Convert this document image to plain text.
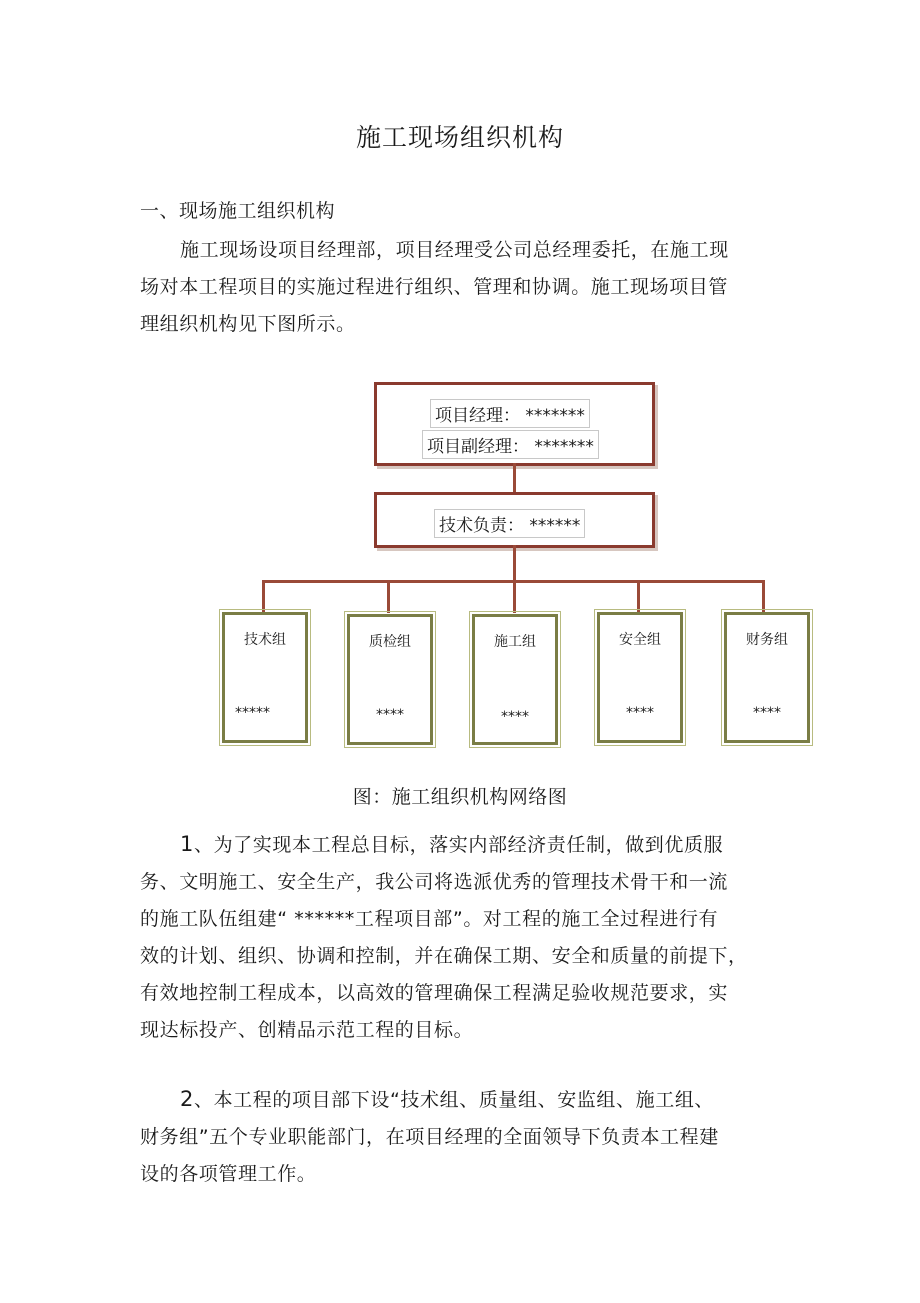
施工现场组织机构
一、现场施工组织机构
施工现场设项目经理部，项目经理受公司总经理委托，在施工现
场对本工程项目的实施过程进行组织、管理和协调。施工现场项目管
理组织机构见下图所示。
项目经理： *******
项目副经理： *******
技术负责： ******
技术组
*****
质检组
****
施工组
****
安全组
****
财务组
****
图：施工组织机构网络图
1、为了实现本工程总目标，落实内部经济责任制，做到优质服
务、文明施工、安全生产，我公司将选派优秀的管理技术骨干和一流
的施工队伍组建“ ******工程项目部”。对工程的施工全过程进行有
效的计划、组织、协调和控制，并在确保工期、安全和质量的前提下，
有效地控制工程成本，以高效的管理确保工程满足验收规范要求，实
现达标投产、创精品示范工程的目标。
2、本工程的项目部下设“技术组、质量组、安监组、施工组、
财务组”五个专业职能部门，在项目经理的全面领导下负责本工程建
设的各项管理工作。
